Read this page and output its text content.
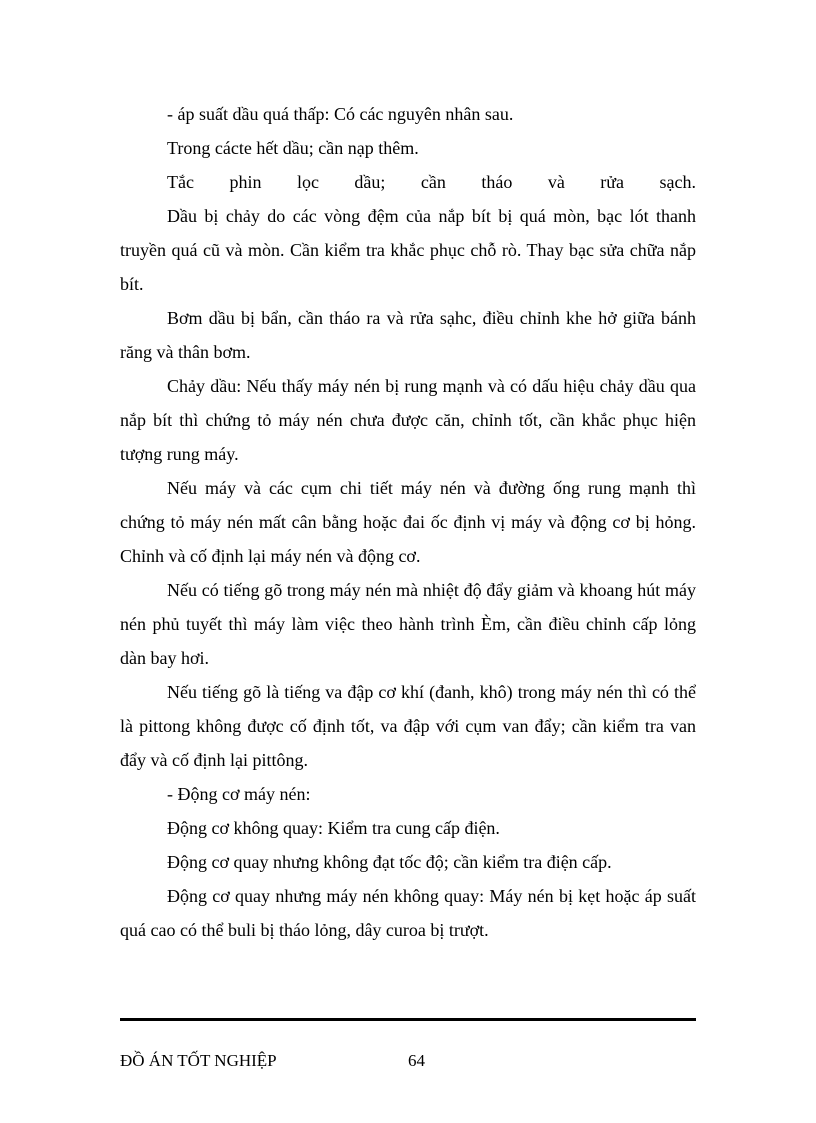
- áp suất dầu quá thấp: Có các nguyên nhân sau.

Trong cácte hết dầu; cần nạp thêm.

Tắc phin lọc dầu; cần tháo và rửa sạch.

Dầu bị chảy do các vòng đệm của nắp bít bị quá mòn, bạc lót thanh truyền quá cũ và mòn. Cần kiểm tra khắc phục chỗ rò. Thay bạc sửa chữa nắp bít.

Bơm dầu bị bẩn, cần tháo ra và rửa sạhc, điều chỉnh khe hở giữa bánh răng và thân bơm.

Chảy dầu: Nếu thấy máy nén bị rung mạnh và có dấu hiệu chảy dầu qua nắp bít thì chứng tỏ máy nén chưa được căn, chỉnh tốt, cần khắc phục hiện tượng rung máy.

Nếu máy và các cụm chi tiết máy nén và đường ống rung mạnh thì chứng tỏ máy nén mất cân bằng hoặc đai ốc định vị máy và động cơ bị hỏng. Chỉnh và cố định lại máy nén và động cơ.

Nếu có tiếng gõ trong máy nén mà nhiệt độ đẩy giảm và khoang hút máy nén phủ tuyết thì máy làm việc theo hành trình Èm, cần điều chỉnh cấp lỏng dàn bay hơi.

Nếu tiếng gõ là tiếng va đập cơ khí (đanh, khô) trong máy nén thì có thể là pittong không được cố định tốt, va đập với cụm van đẩy; cần kiểm tra van đẩy và cố định lại pittông.

- Động cơ máy nén:

Động cơ không quay: Kiểm tra cung cấp điện.

Động cơ quay nhưng không đạt tốc độ; cần kiểm tra điện cấp.

Động cơ quay nhưng máy nén không quay: Máy nén bị kẹt hoặc áp suất quá cao có thể buli bị tháo lỏng, dây curoa bị trượt.

ĐỒ ÁN TỐT NGHIỆP	64
